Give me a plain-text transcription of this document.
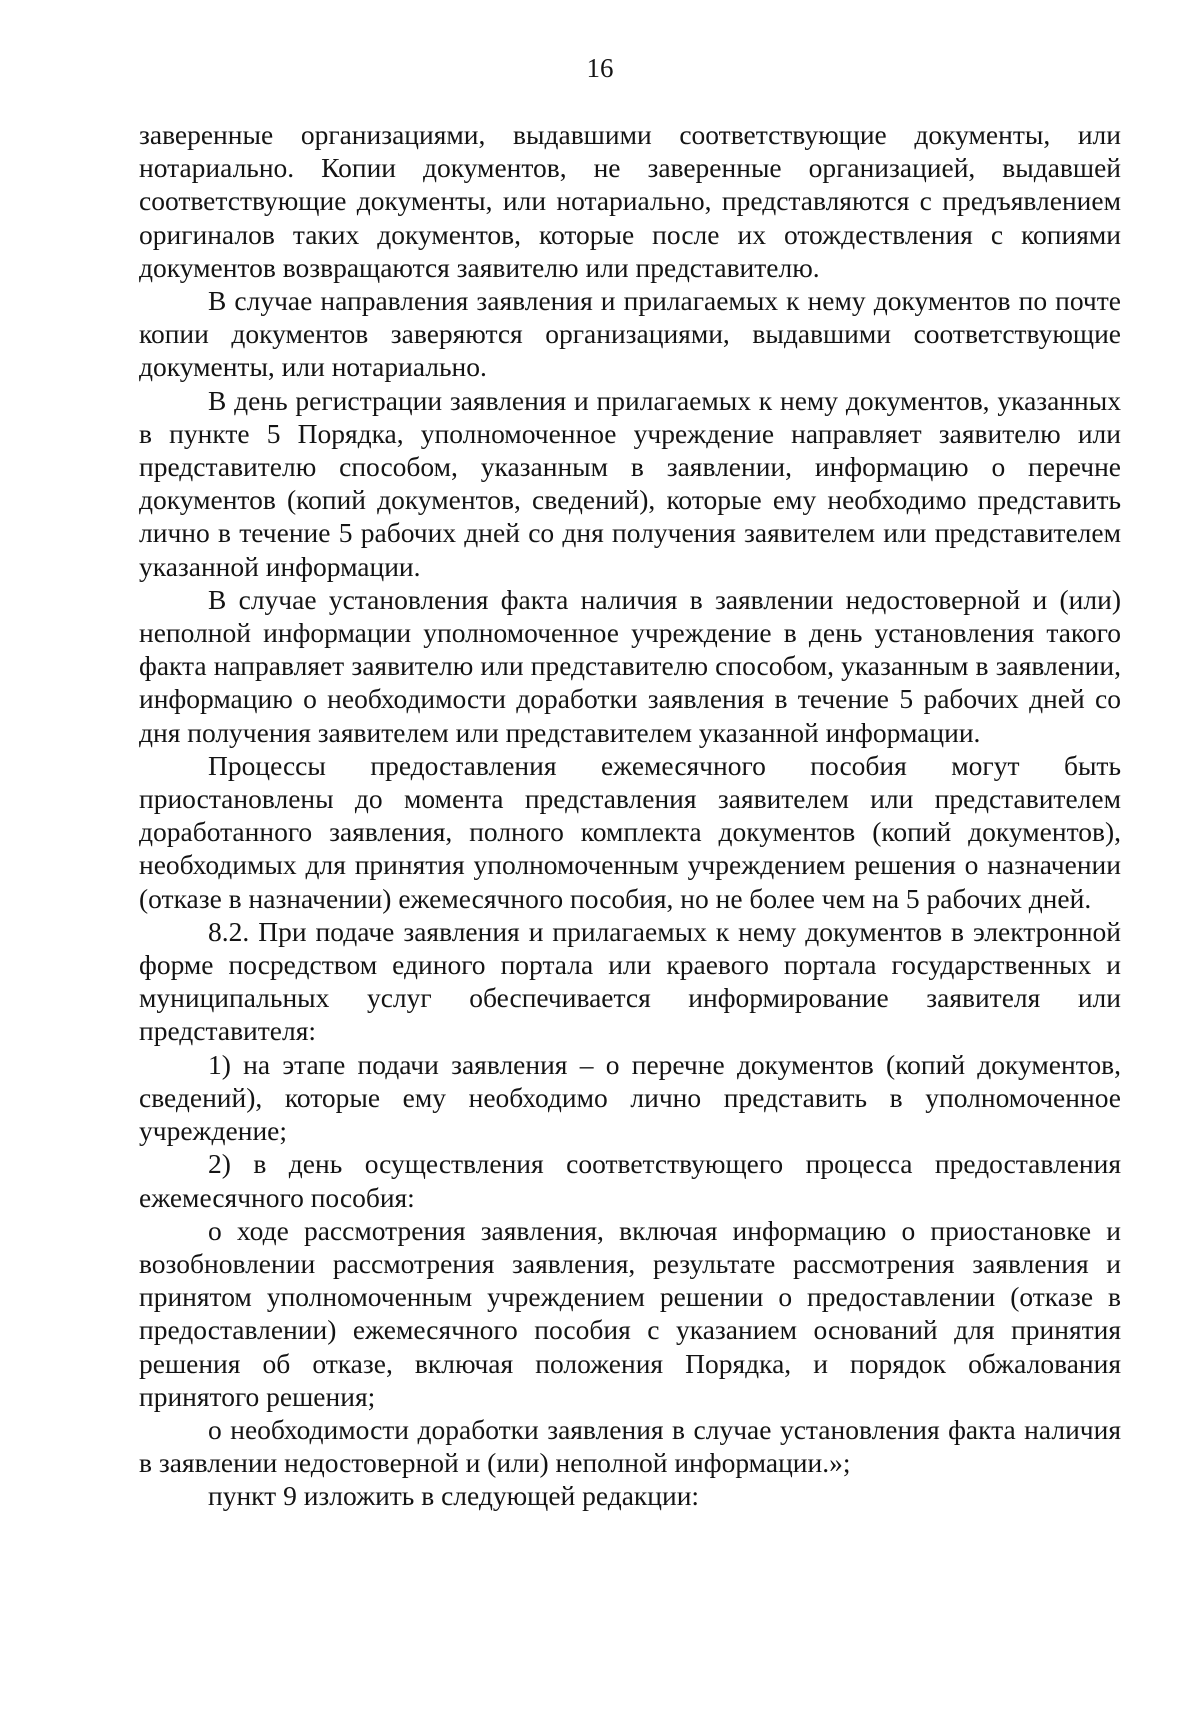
16

заверенные организациями, выдавшими соответствующие документы, или нотариально. Копии документов, не заверенные организацией, выдавшей соответствующие документы, или нотариально, представляются с предъявлением оригиналов таких документов, которые после их отождествления с копиями документов возвращаются заявителю или представителю.

В случае направления заявления и прилагаемых к нему документов по почте копии документов заверяются организациями, выдавшими соответствующие документы, или нотариально.

В день регистрации заявления и прилагаемых к нему документов, указанных в пункте 5 Порядка, уполномоченное учреждение направляет заявителю или представителю способом, указанным в заявлении, информацию о перечне документов (копий документов, сведений), которые ему необходимо представить лично в течение 5 рабочих дней со дня получения заявителем или представителем указанной информации.

В случае установления факта наличия в заявлении недостоверной и (или) неполной информации уполномоченное учреждение в день установления такого факта направляет заявителю или представителю способом, указанным в заявлении, информацию о необходимости доработки заявления в течение 5 рабочих дней со дня получения заявителем или представителем указанной информации.

Процессы предоставления ежемесячного пособия могут быть приостановлены до момента представления заявителем или представителем доработанного заявления, полного комплекта документов (копий документов), необходимых для принятия уполномоченным учреждением решения о назначении (отказе в назначении) ежемесячного пособия, но не более чем на 5 рабочих дней.

8.2. При подаче заявления и прилагаемых к нему документов в электронной форме посредством единого портала или краевого портала государственных и муниципальных услуг обеспечивается информирование заявителя или представителя:

1) на этапе подачи заявления – о перечне документов (копий документов, сведений), которые ему необходимо лично представить в уполномоченное учреждение;

2) в день осуществления соответствующего процесса предоставления ежемесячного пособия:

о ходе рассмотрения заявления, включая информацию о приостановке и возобновлении рассмотрения заявления, результате рассмотрения заявления и принятом уполномоченным учреждением решении о предоставлении (отказе в предоставлении) ежемесячного пособия с указанием оснований для принятия решения об отказе, включая положения Порядка, и порядок обжалования принятого решения;

о необходимости доработки заявления в случае установления факта наличия в заявлении недостоверной и (или) неполной информации.»;

пункт 9 изложить в следующей редакции:
